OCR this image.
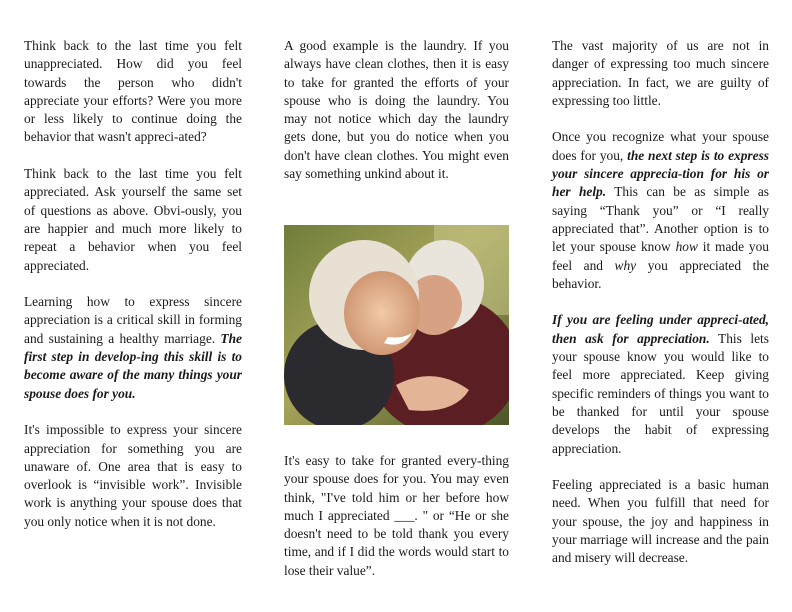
Think back to the last time you felt unappreciated. How did you feel towards the person who didn't appreciate your efforts? Were you more or less likely to continue doing the behavior that wasn't appreci-ated?

Think back to the last time you felt appreciated. Ask yourself the same set of questions as above. Obvi-ously, you are happier and much more likely to repeat a behavior when you feel appreciated.

Learning how to express sincere appreciation is a critical skill in forming and sustaining a healthy marriage. The first step in develop-ing this skill is to become aware of the many things your spouse does for you.

It's impossible to express your sincere appreciation for something you are unaware of. One area that is easy to overlook is “invisible work”. Invisible work is anything your spouse does that you only notice when it is not done.

A good example is the laundry. If you always have clean clothes, then it is easy to take for granted the efforts of your spouse who is doing the laundry. You may not notice which day the laundry gets done, but you do notice when you don't have clean clothes. You might even say something unkind about it.

It's easy to take for granted every-thing your spouse does for you. You may even think, "I've told him or her before how much I appreciated ___. " or “He or she doesn't need to be told thank you every time, and if I did the words would start to lose their value”.

The vast majority of us are not in danger of expressing too much sincere appreciation. In fact, we are guilty of expressing too little.

Once you recognize what your spouse does for you, the next step is to express your sincere apprecia-tion for his or her help. This can be as simple as saying “Thank you” or “I really appreciated that”. Another option is to let your spouse know how it made you feel and why you appreciated the behavior.

If you are feeling under appreci-ated, then ask for appreciation. This lets your spouse know you would like to feel more appreciated. Keep giving specific reminders of things you want to be thanked for until your spouse develops the habit of expressing appreciation.

Feeling appreciated is a basic human need. When you fulfill that need for your spouse, the joy and happiness in your marriage will increase and the pain and misery will decrease.
